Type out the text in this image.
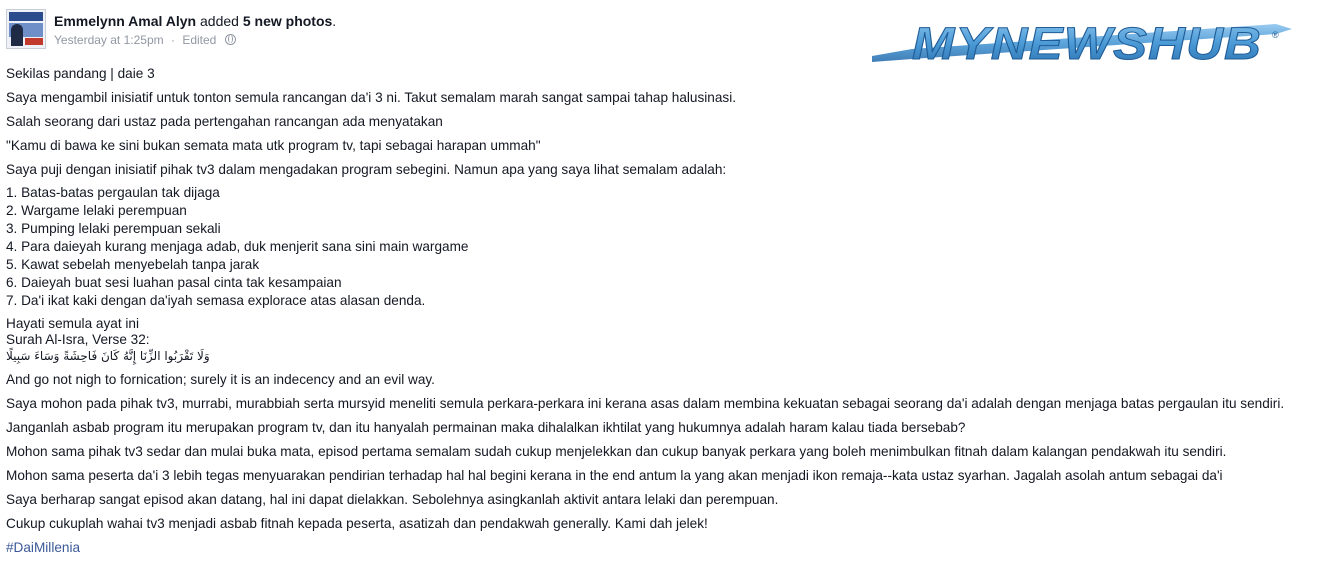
Emmelynn Amal Alyn added 5 new photos.
Yesterday at 1:25pm · Edited	MYNEWSHUB ®

Sekilas pandang | daie 3

Saya mengambil inisiatif untuk tonton semula rancangan da'i 3 ni. Takut semalam marah sangat sampai tahap halusinasi.

Salah seorang dari ustaz pada pertengahan rancangan ada menyatakan

"Kamu di bawa ke sini bukan semata mata utk program tv, tapi sebagai harapan ummah"

Saya puji dengan inisiatif pihak tv3 dalam mengadakan program sebegini. Namun apa yang saya lihat semalam adalah:

1. Batas-batas pergaulan tak dijaga
2. Wargame lelaki perempuan
3. Pumping lelaki perempuan sekali
4. Para daieyah kurang menjaga adab, duk menjerit sana sini main wargame
5. Kawat sebelah menyebelah tanpa jarak
6. Daieyah buat sesi luahan pasal cinta tak kesampaian
7. Da'i ikat kaki dengan da'iyah semasa explorace atas alasan denda.
Hayati semula ayat ini
Surah Al-Isra, Verse 32:
وَلَا تَقْرَبُوا الزِّنَا إِنَّهُ كَانَ فَاحِشَةً وَسَاءَ سَبِيلًا

And go not nigh to fornication; surely it is an indecency and an evil way.

Saya mohon pada pihak tv3, murrabi, murabbiah serta mursyid meneliti semula perkara-perkara ini kerana asas dalam membina kekuatan sebagai seorang da'i adalah dengan menjaga batas pergaulan itu sendiri.

Janganlah asbab program itu merupakan program tv, dan itu hanyalah permainan maka dihalalkan ikhtilat yang hukumnya adalah haram kalau tiada bersebab?

Mohon sama pihak tv3 sedar dan mulai buka mata, episod pertama semalam sudah cukup menjelekkan dan cukup banyak perkara yang boleh menimbulkan fitnah dalam kalangan pendakwah itu sendiri.

Mohon sama peserta da'i 3 lebih tegas menyuarakan pendirian terhadap hal hal begini kerana in the end antum la yang akan menjadi ikon remaja--kata ustaz syarhan. Jagalah asolah antum sebagai da'i

Saya berharap sangat episod akan datang, hal ini dapat dielakkan. Sebolehnya asingkanlah aktivit antara lelaki dan perempuan.

Cukup cukuplah wahai tv3 menjadi asbab fitnah kepada peserta, asatizah dan pendakwah generally. Kami dah jelek!

#DaiMillenia
